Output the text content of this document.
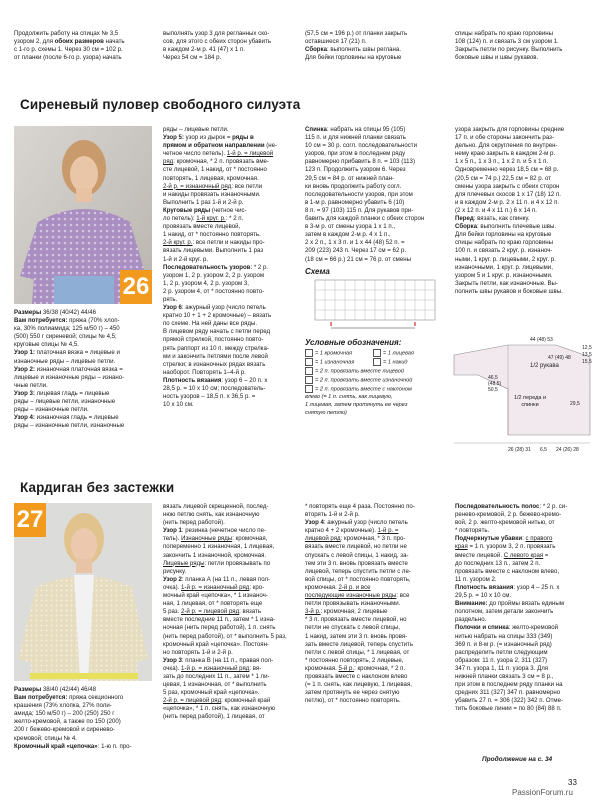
Продолжить работу на спицах № 3,5
узором 2, для обоих размеров начать
с 1-го р. схемы 1. Через 30 см = 102 р.
от планки (после 6-го р. узора) начать
выполнять узор 3 для регланных ско-
сов, для этого с обеих сторон убавить
в каждом 2-м р. 41 (47) х 1 п.
Через 54 см = 184 р.
(57,5 см = 196 р.) от планки закрыть
оставшиеся 17 (21) п.
Сборка: выполнить швы реглана.
Для бейки горловины на круговые
спицы набрать по краю горловины
108 (124) п. и связать 3 см узором 1.
Закрыть петли по рисунку. Выполнить
боковые швы и швы рукавов.
Сиреневый пуловер свободного силуэта
26
Размеры 36/38 (40/42) 44/46
Вам потребуется: пряжа (70% хлоп-
ка, 30% полиамида; 125 м/50 г) – 450
(500) 550 г сиреневой; спицы № 4,5;
круговые спицы № 4,5.
Узор 1: платочная вязка = лицевые и
изнаночные ряды – лицевые петли.
Узор 2: изнаночная платочная вязка =
лицевые и изнаночные ряды – изнано-
чные петли.
Узор 3: лицевая гладь = лицевые
ряды – лицевые петли, изнаночные
ряды – изнаночные петли.
Узор 4: изнаночная гладь = лицевые
ряды – изнаночные петли, изнаночные
ряды – лицевые петли.
Узор 5: узор из дырок = ряды в
прямом и обратном направлении (не-
четное число петель). 1-й р. = лицевой
ряд: кромочная, * 2 п. провязать вме-
сте лицевой, 1 накид, от * постоянно
повторять, 1 лицевая, кромочная.
2-й р. = изнаночный ряд: все петли
и накиды провязать изнаночными.
Выполнить 1 раз 1-й и 2-й р.
Круговые ряды (четное чис-
ло петель): 1-й круг. р.: * 2 п.
провязать вместе лицевой,
1 накид, от * постоянно повторять.
2-й круг. р.: все петли и накиды про-
вязать лицевыми. Выполнить 1 раз
1-й и 2-й круг. р.
Последовательность узоров: * 2 р.
узором 1, 2 р. узором 2, 2 р. узором
1, 2 р. узором 4, 2 р. узором 3,
2 р. узором 4, от * постоянно повто-
рять.
Узор 6: ажурный узор (число петель
кратно 10 + 1 + 2 кромочные) – вязать
по схеме. На ней даны все ряды.
В лицевом ряду начать с петли перед
прямой стрелкой, постоянно повто-
рять раппорт из 10 п. между стрелка-
ми и закончить петлями после левой
стрелки; в изнаночных рядах вязать
наоборот. Повторять 1–4-й р.
Плотность вязания: узор 6 – 20 п. х
28,5 р. = 10 х 10 см; последователь-
ность узоров – 18,5 п. х 36,5 р. =
10 х 10 см.
Спинка: набрать на спицы 95 (105)
115 п. и для нижней планки связать
10 см = 30 р. согл. последовательности
узоров, при этом в последнем ряду
равномерно прибавить 8 п. = 103 (113)
123 п. Продолжить узором 6. Через
29,5 см = 84 р. от нижней план-
ки вновь продолжить работу согл.
последовательности узоров, при этом
в 1-м р. равномерно убавить 6 (10)
8 п. = 97 (103) 115 п. Для рукавов при-
бавить для каждой планки с обеих сторон
в 3-м р. от смены узора 1 х 1 п.,
затем в каждом 2-м р. 4 х 1 п.,
2 х 2 п., 1 х 3 п. и 1 х 44 (48) 52 п. =
209 (223) 243 п. Через 17 см = 62 р.
(18 см = 66 р.) 21 см = 76 р. от смены
узора закрыть для горловины средние
17 п. и обе стороны закончить раз-
дельно. Для округления по внутрен-
нему краю закрыть в каждом 2-м р.
1 х 5 п., 1 х 3 п., 1 х 2 п. и 5 х 1 п.
Одновременно через 18,5 см = 68 р.
(20,5 см = 74 р.) 22,5 см = 82 р. от
смены узора закрыть с обеих сторон
для плечевых скосов 1 х 17 (18) 12 п.
и в каждом 2-м р. 2 х 11 п. и 4 х 12 п.
(2 х 12 п. и 4 х 11 п.) 6 х 14 п.
Перед: вязать, как спинку.
Сборка: выполнить плечевые швы.
Для бейки горловины на круговые
спицы набрать по краю горловины
100 п. и связать 2 круг. р. изнаноч-
ными, 1 круг. р. лицевыми, 2 круг. р.
изнаночными, 1 круг. р. лицевыми,
узором 5 и 1 круг. р. изнаночными.
Закрыть петли, как изнаночные. Вы-
полнить швы рукавов и боковые швы.
Схема
Условные обозначения:
= 1 кромочная	= 1 лицевая
= 1 изнаночная	= 1 накид
= 2 п. провязать вместе лицевой
= 2 п. провязать вместе изнаночной
= 2 п. провязать вместе с наклоном
влево (= 1 п. снять, как лицевую,
1 лицевая, затем протянуть ее через
снятую петлю)
44 (48) 53
12,5
13,5
15,5
47 (49) 48
46,5
(48,5)
50,5
29,5
26 (28) 31 6,5 24 (26) 28
1/2 рукава
1/2 переда и спинки
Кардиган без застежки
27
Размеры 38/40 (42/44) 46/48
Вам потребуется: пряжа секционного
крашения (73% хлопка, 27% поли-
амида; 150 м/50 г) – 200 (250) 250 г
желто-кремовой, а также по 150 (200)
200 г бежево-кремовой и сиренево-
кремовой; спицы № 4.
Кромочный край «цепочка»: 1-ю п. про-
вязать лицевой скрещенной, послед-
нюю петлю снять, как изнаночную
(нить перед работой).
Узор 1: резинка (нечетное число пе-
тель). Изнаночные ряды: кромочная,
попеременно 1 изнаночная, 1 лицевая,
закончить 1 изнаночной, кромочная.
Лицевые ряды: петли провязывать по
рисунку.
Узор 2: планка А (на 11 п., левая пол-
очка). 1-й р. = изнаночный ряд: кро-
мочный край «цепочка», * 1 изнаноч-
ная, 1 лицевая, от * повторять еще
5 раз. 2-й р. = лицевой ряд: вязать
вместе последние 11 п., затем * 1 изна-
ночная (нить перед работой), 1 п. снять
(нить перед работой), от * выполнить 5 раз,
кромочный край «цепочка». Постоян-
но повторять 1-й и 2-й р.
Узор 3: планка В (на 11 п., правая пол-
очка). 1-й р. = изнаночный ряд: вя-
зать до последних 11 п., затем * 1 ли-
цевая, 1 изнаночная, от * выполнить
5 раз, кромочный край «цепочка».
2-й р. = лицевой ряд: кромочный край
«цепочка», * 1 п. снять, как изнаночную
(нить перед работой), 1 лицевая, от
* повторять еще 4 раза. Постоянно по-
вторять 1-й и 2-й р.
Узор 4: ажурный узор (число петель
кратно 4 + 2 кромочные). 1-й р. =
лицевой ряд: кромочная, * 3 п. про-
вязать вместе лицевой, но петли не
спускать с левой спицы, 1 накид, за-
тем эти 3 п. вновь провязать вместе
лицевой, теперь спустить петли с ле-
вой спицы, от * постоянно повторять,
кромочная. 2-й р. и все
последующие изнаночные ряды: все
петли провязывать изнаночными.
3-й р.: кромочная, 2 лицевые
* 3 п. провязать вместе лицевой, но
петли не спускать с левой спицы,
1 накид, затем эти 3 п. вновь провя-
зать вместе лицевой, теперь спустить
петли с левой спицы, * 1 лицевая, от
* постоянно повторять, 2 лицевые,
кромочная. 5-й р.: кромочная, * 2 п.
провязать вместе с наклоном влево
(= 1 п. снять, как лицевую, 1 лицевая,
затем протянуть ее через снятую
петлю), от * постоянно повторять.
Последовательность полос: * 2 р. си-
ренево-кремовой, 2 р. бежево-кремо-
вой, 2 р. желто-кремовой нитью, от
* повторять.
Подчеркнутые убавки: с правого
края = 1 п. узором 3, 2 п. провязать
вместе лицевой. С левого края =
до последних 13 п., затем 2 п.
провязать вместе с наклоном влево,
11 п. узором 2.
Плотность вязания: узор 4 – 25 п. х
29,5 р. = 10 х 10 см.
Внимание: до проймы вязать единым
полотном, затем детали закончить
раздельно.
Полочки и спинка: желто-кремовой
нитью набрать на спицы 333 (349)
369 п. и 8-м р. (= изнаночный ряд)
распределить петли следующим
образом: 11 п. узора 2, 311 (327)
347 п. узора 1, 11 п. узора 3. Для
нижней планки связать 3 см = 8 р.,
при этом в последнем ряду планки на
средних 311 (327) 347 п. равномерно
убавить 27 п. = 306 (322) 342 п. Отме-
тить боковые линии = по 80 (84) 88 п.
Продолжение на с. 34
33
PassionForum.ru
